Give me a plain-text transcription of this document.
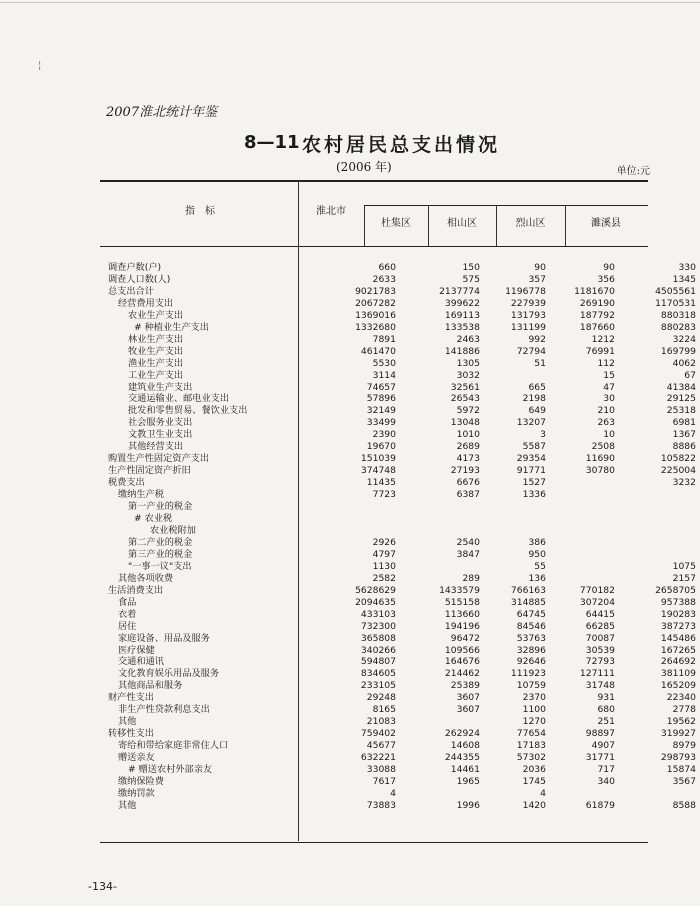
¦
2007淮北统计年鉴
8—11 农村居民总支出情况
(2006 年)	单位:元
指　标	淮北市
杜集区	相山区	烈山区	濉溪县
调查户数(户)	660	150	90	90	330
调查人口数(人)	2633	575	357	356	1345
总支出合计	9021783	2137774	1196778	1181670	4505561
经营费用支出	2067282	399622	227939	269190	1170531
农业生产支出	1369016	169113	131793	187792	880318
# 种植业生产支出	1332680	133538	131199	187660	880283
林业生产支出	7891	2463	992	1212	3224
牧业生产支出	461470	141886	72794	76991	169799
渔业生产支出	5530	1305	51	112	4062
工业生产支出	3114	3032		15	67
建筑业生产支出	74657	32561	665	47	41384
交通运输业、邮电业支出	57896	26543	2198	30	29125
批发和零售贸易、餐饮业支出	32149	5972	649	210	25318
社会服务业支出	33499	13048	13207	263	6981
文教卫生业支出	2390	1010	3	10	1367
其他经营支出	19670	2689	5587	2508	8886
购置生产性固定资产支出	151039	4173	29354	11690	105822
生产性固定资产折旧	374748	27193	91771	30780	225004
税费支出	11435	6676	1527		3232
缴纳生产税	7723	6387	1336		
第一产业的税金					
# 农业税					
农业税附加					
第二产业的税金	2926	2540	386		
第三产业的税金	4797	3847	950		
"一事一议"支出	1130		55		1075
其他各项收费	2582	289	136		2157
生活消费支出	5628629	1433579	766163	770182	2658705
食品	2094635	515158	314885	307204	957388
衣着	433103	113660	64745	64415	190283
居住	732300	194196	84546	66285	387273
家庭设备、用品及服务	365808	96472	53763	70087	145486
医疗保健	340266	109566	32896	30539	167265
交通和通讯	594807	164676	92646	72793	264692
文化教育娱乐用品及服务	834605	214462	111923	127111	381109
其他商品和服务	233105	25389	10759	31748	165209
财产性支出	29248	3607	2370	931	22340
非生产性贷款利息支出	8165	3607	1100	680	2778
其他	21083		1270	251	19562
转移性支出	759402	262924	77654	98897	319927
寄给和带给家庭非常住人口	45677	14608	17183	4907	8979
赠送亲友	632221	244355	57302	31771	298793
# 赠送农村外部亲友	33088	14461	2036	717	15874
缴纳保险费	7617	1965	1745	340	3567
缴纳罚款	4		4		
其他	73883	1996	1420	61879	8588
-134-
